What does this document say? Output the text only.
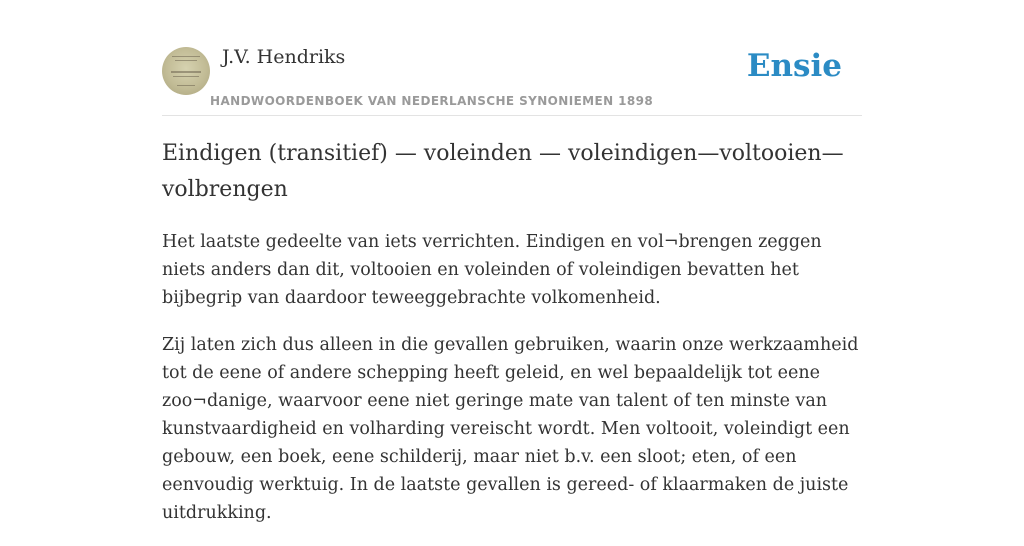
J.V. Hendriks
HANDWOORDENBOEK VAN NEDERLANSCHE SYNONIEMEN 1898
Ensie
Eindigen (transitief) — voleinden — voleindigen—voltooien—volbrengen

Het laatste gedeelte van iets verrichten. Eindigen en vol¬brengen zeggen niets anders dan dit, voltooien en voleinden of voleindigen bevatten het bijbegrip van daardoor teweeggebrachte volkomenheid.

Zij laten zich dus alleen in die gevallen gebruiken, waarin onze werkzaamheid tot de eene of andere schepping heeft geleid, en wel bepaaldelijk tot eene zoo¬danige, waarvoor eene niet geringe mate van talent of ten minste van kunstvaardigheid en volharding vereischt wordt. Men voltooit, voleindigt een gebouw, een boek, eene schilderij, maar niet b.v. een sloot; eten, of een eenvoudig werktuig. In de laatste gevallen is gereed- of klaarmaken de juiste uitdrukking.
